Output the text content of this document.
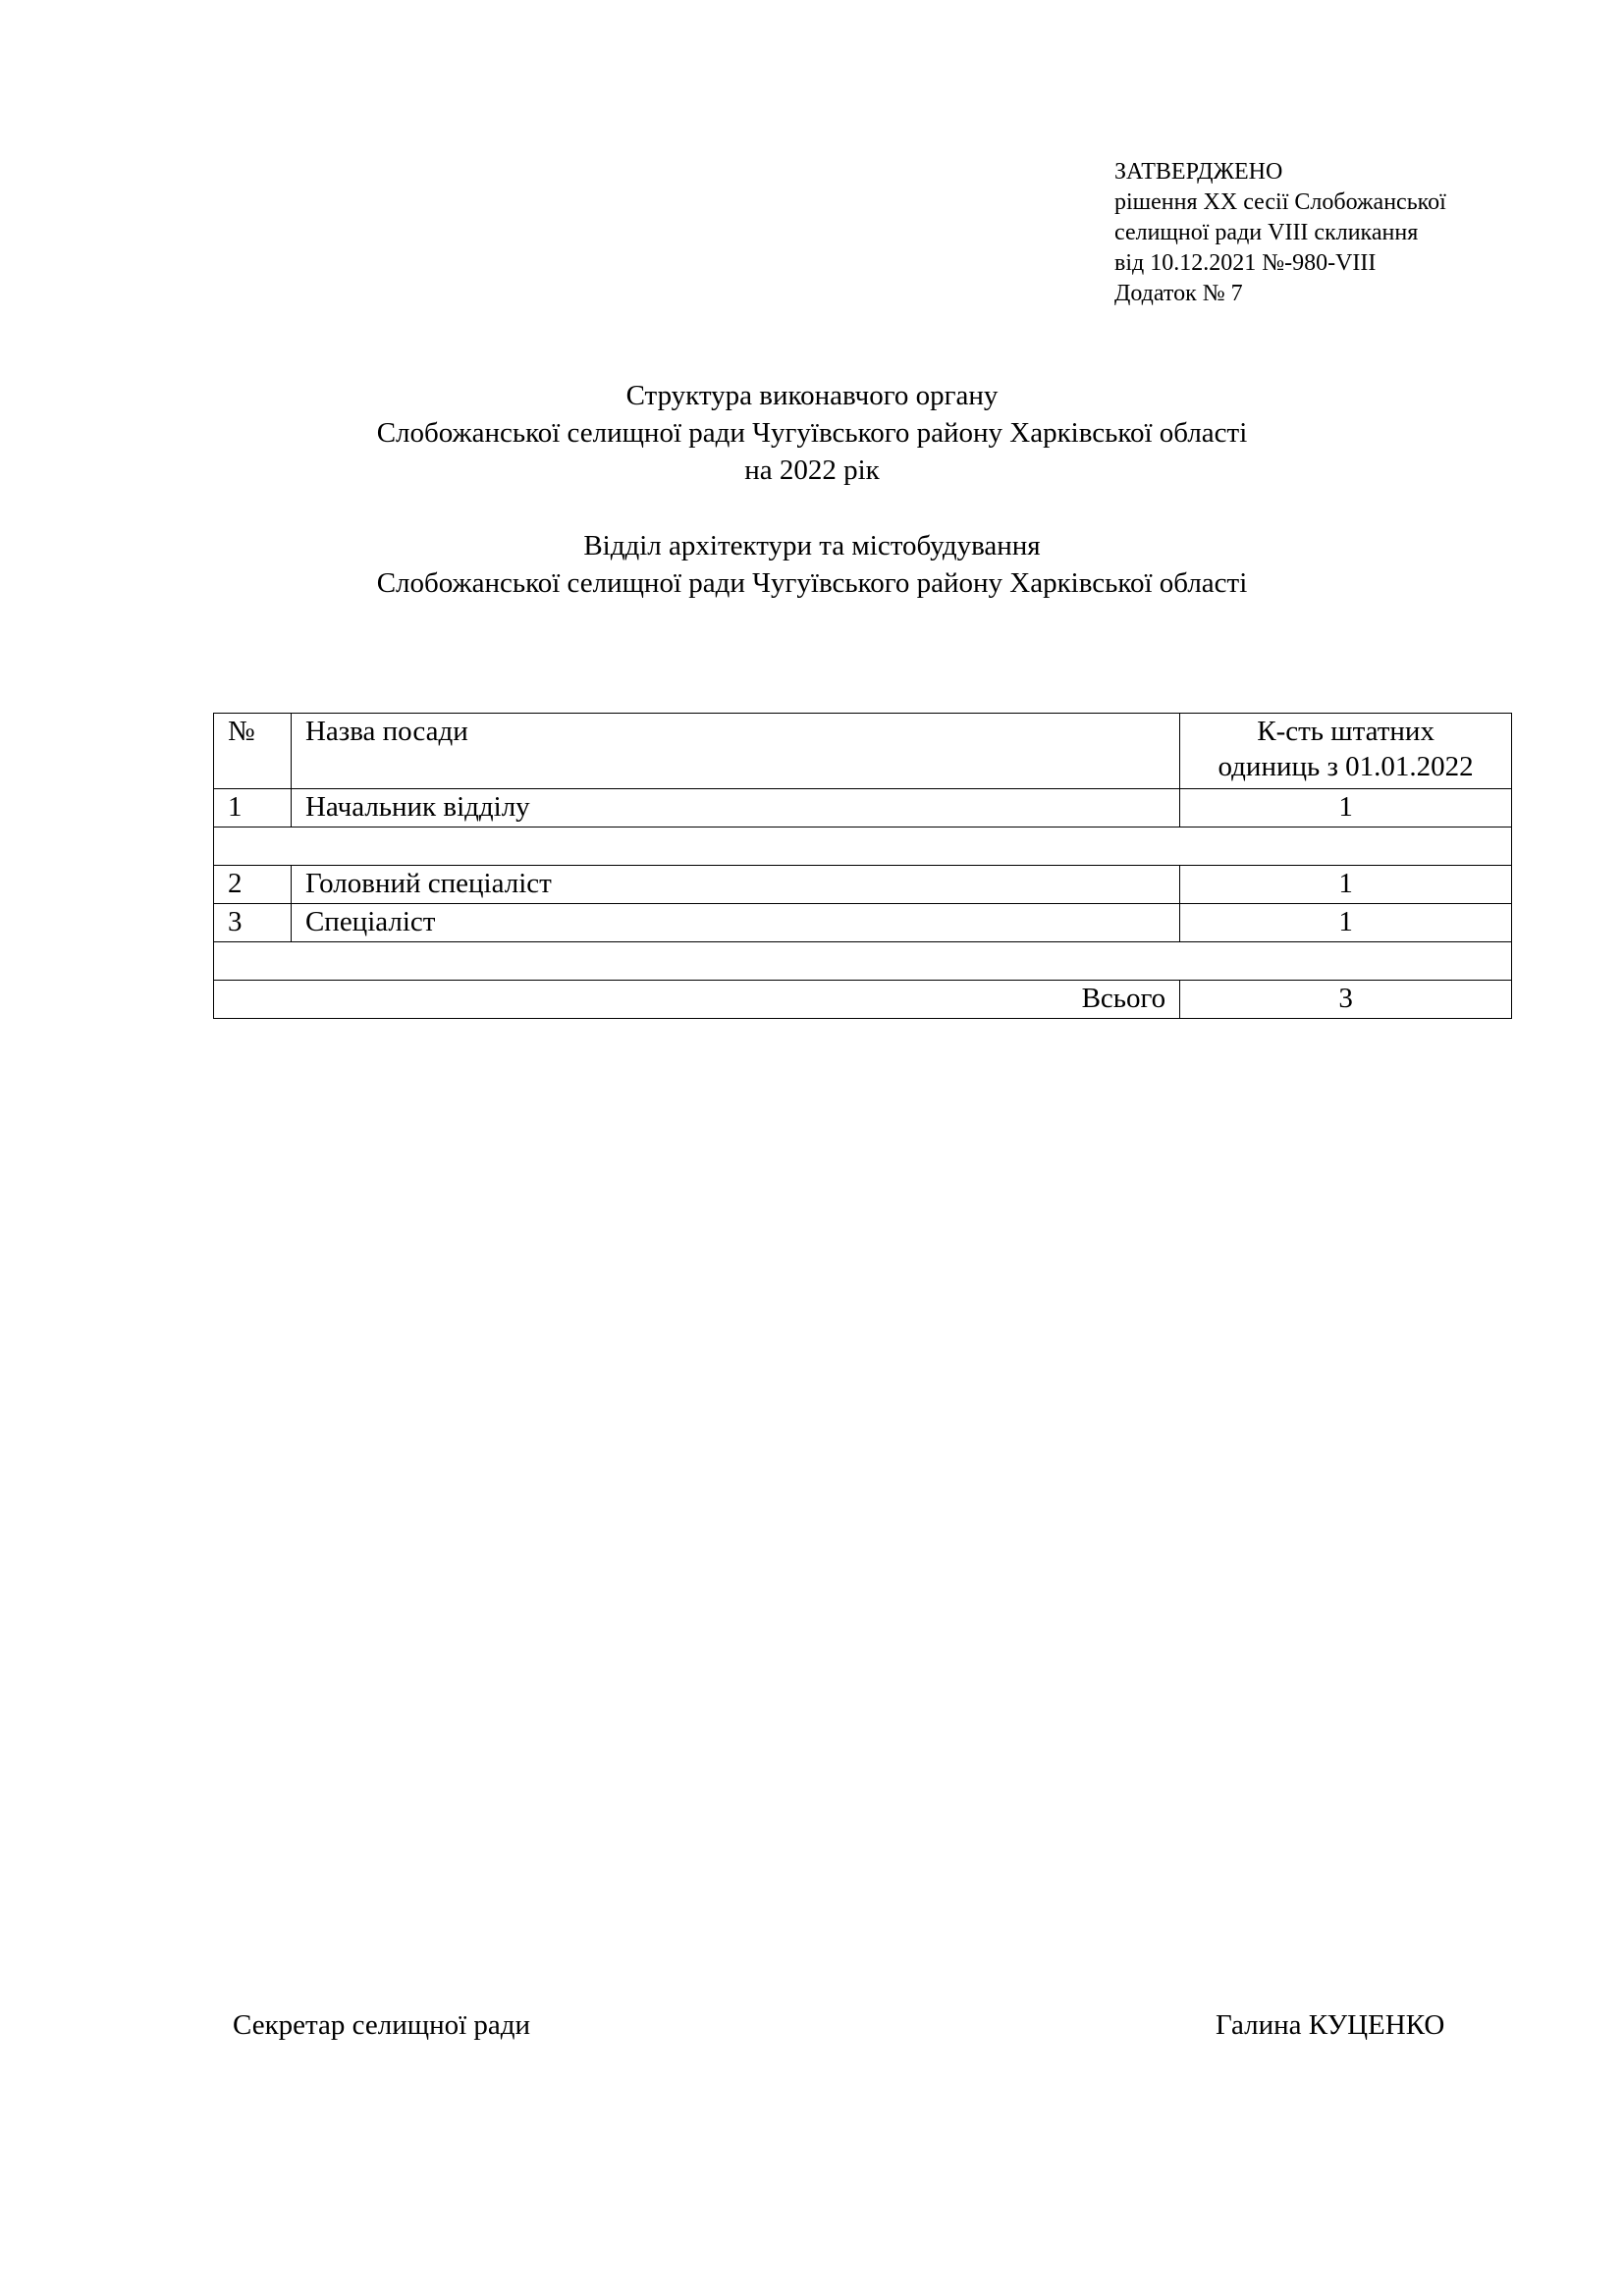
ЗАТВЕРДЖЕНО
рішення XX сесії Слобожанської
селищної ради VIII скликання
від 10.12.2021 №-980-VIII
Додаток № 7
Структура виконавчого органу
Слобожанської селищної ради Чугуївського району Харківської області
на 2022 рік
Відділ архітектури та містобудування
Слобожанської селищної ради Чугуївського району Харківської області
№	Назва посади	К-сть штатних
одиниць з 01.01.2022

1	Начальник відділу	1

2	Головний спеціаліст	1
3	Спеціаліст	1

Всього		3
Секретар селищної ради	Галина КУЦЕНКО
